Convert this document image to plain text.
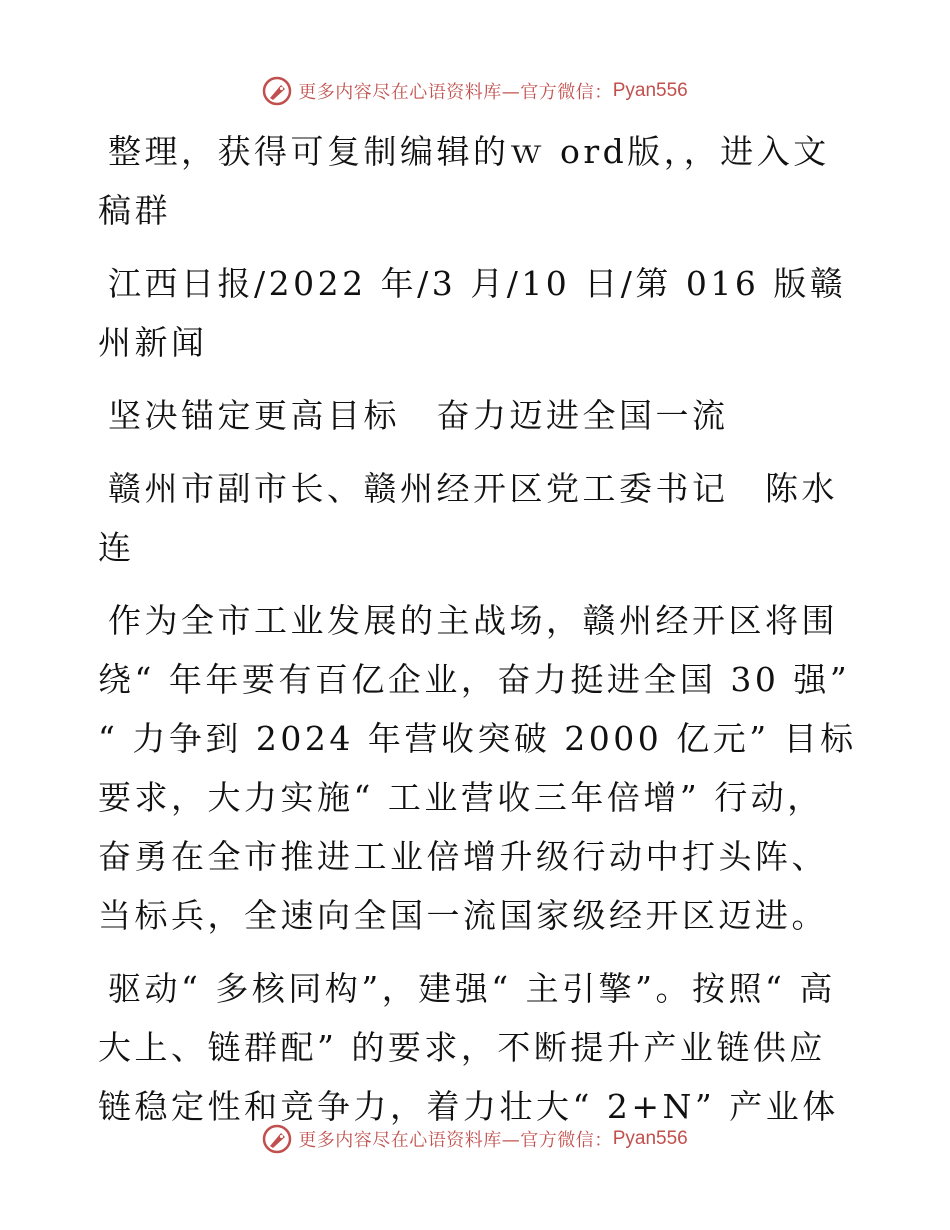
更多内容尽在心语资料库—官方微信： Pyan556

整理，获得可复制编辑的ｗ ord版，，进入文稿群

江西日报/2022 年/3 月/10 日/第 016 版赣州新闻

坚决锚定更高目标　奋力迈进全国一流

赣州市副市长、赣州经开区党工委书记　陈水连

作为全市工业发展的主战场，赣州经开区将围绕“ 年年要有百亿企业，奋力挺进全国 30 强” “ 力争到 2024 年营收突破 2000 亿元” 目标要求，大力实施“ 工业营收三年倍增” 行动，奋勇在全市推进工业倍增升级行动中打头阵、当标兵，全速向全国一流国家级经开区迈进。

驱动“ 多核同构”，建强“ 主引擎”。按照“ 高大上、链群配” 的要求，不断提升产业链供应链稳定性和竞争力，着力壮大“ 2+N” 产业体

更多内容尽在心语资料库—官方微信： Pyan556
